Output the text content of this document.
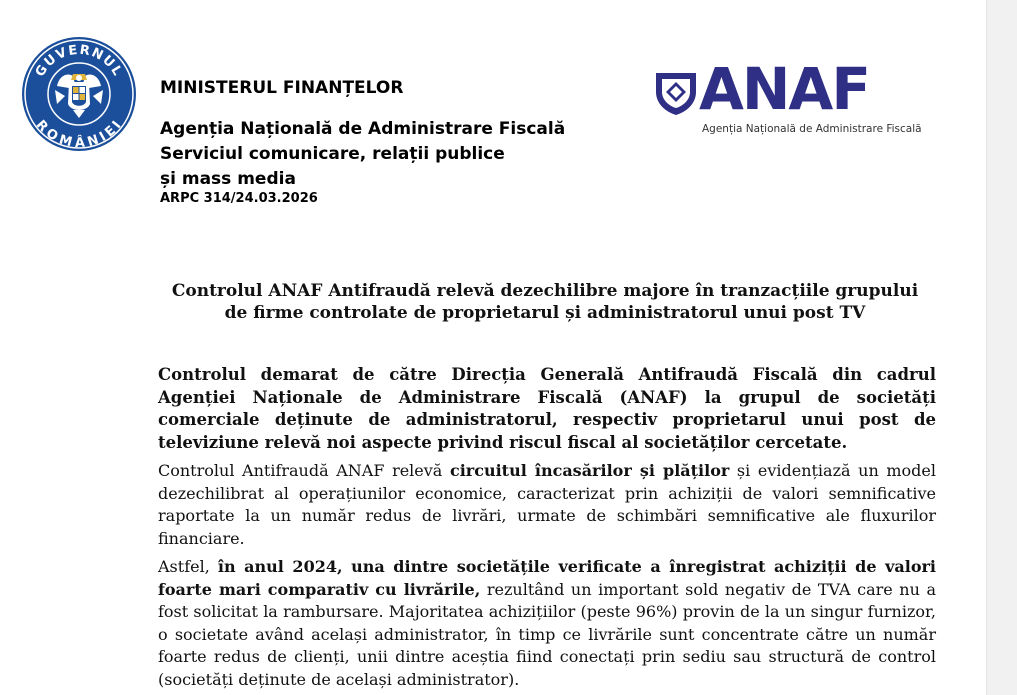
GUVERNUL
ROMÂNIEI
MINISTERUL FINANȚELOR
Agenția Națională de Administrare Fiscală
Serviciul comunicare, relații publice
și mass media
ARPC 314/24.03.2026
ANAF
Agenția Națională de Administrare Fiscală
Controlul ANAF Antifraudă relevă dezechilibre majore în tranzacțiile grupului
de firme controlate de proprietarul și administratorul unui post TV
Controlul demarat de către Direcția Generală Antifraudă Fiscală din cadrul Agenției Naționale de Administrare Fiscală (ANAF) la grupul de societăți comerciale deținute de administratorul, respectiv proprietarul unui post de televiziune relevă noi aspecte privind riscul fiscal al societăților cercetate.
Controlul Antifraudă ANAF relevă circuitul încasărilor și plăților și evidențiază un model dezechilibrat al operațiunilor economice, caracterizat prin achiziții de valori semnificative raportate la un număr redus de livrări, urmate de schimbări semnificative ale fluxurilor financiare.
Astfel, în anul 2024, una dintre societățile verificate a înregistrat achiziții de valori foarte mari comparativ cu livrările, rezultând un important sold negativ de TVA care nu a fost solicitat la rambursare. Majoritatea achizițiilor (peste 96%) provin de la un singur furnizor, o societate având același administrator, în timp ce livrările sunt concentrate către un număr foarte redus de clienți, unii dintre aceștia fiind conectați prin sediu sau structură de control (societăți deținute de același administrator).
